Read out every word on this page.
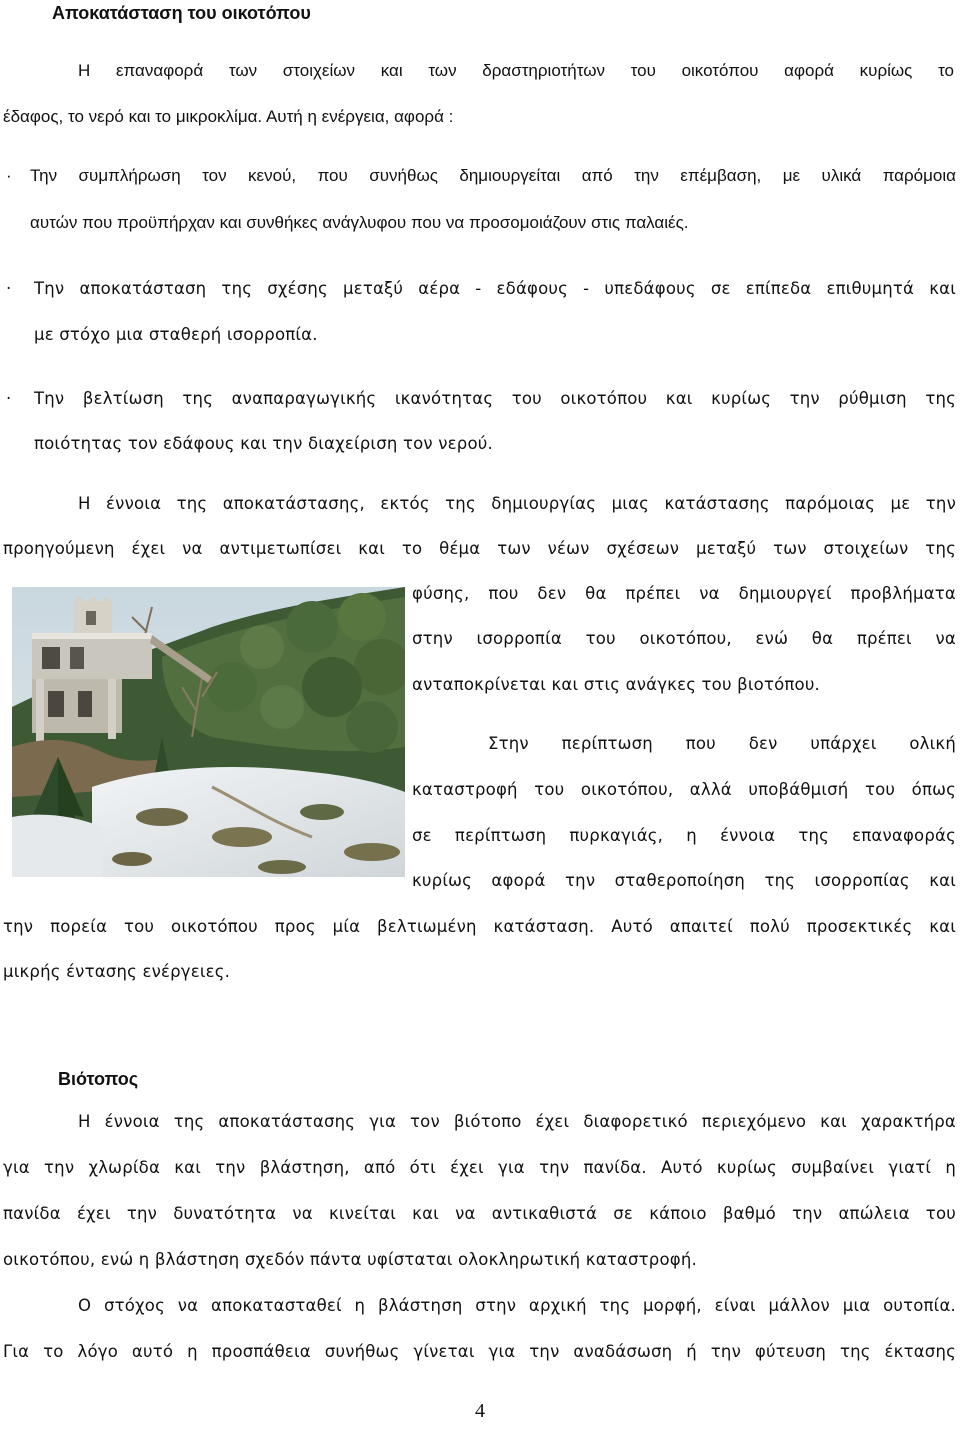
Αποκατάσταση του οικοτόπου
Η επαναφορά των στοιχείων και των δραστηριοτήτων του οικοτόπου αφορά κυρίως το
έδαφος, το νερό και το μικροκλίμα. Αυτή η ενέργεια, αφορά :
· Την συμπλήρωση τον κενού, που συνήθως δημιουργείται από την επέμβαση, με υλικά παρόμοια
αυτών που προϋπήρχαν και συνθήκες ανάγλυφου που να προσομοιάζουν στις παλαιές.
· Την αποκατάσταση της σχέσης μεταξύ αέρα - εδάφους - υπεδάφους σε επίπεδα επιθυμητά και
με στόχο μια σταθερή ισορροπία.
· Την βελτίωση της αναπαραγωγικής ικανότητας του οικοτόπου και κυρίως την ρύθμιση της
ποιότητας τον εδάφους και την διαχείριση τον νερού.
Η έννοια της αποκατάστασης, εκτός της δημιουργίας μιας κατάστασης παρόμοιας με την
προηγούμενη έχει να αντιμετωπίσει και το θέμα των νέων σχέσεων μεταξύ των στοιχείων της
φύσης, που δεν θα πρέπει να δημιουργεί προβλήματα
στην ισορροπία του οικοτόπου, ενώ θα πρέπει να
ανταποκρίνεται και στις ανάγκες του βιοτόπου.
Στην περίπτωση που δεν υπάρχει ολική
καταστροφή του οικοτόπου, αλλά υποβάθμισή του όπως
σε περίπτωση πυρκαγιάς, η έννοια της επαναφοράς
κυρίως αφορά την σταθεροποίηση της ισορροπίας και
την πορεία του οικοτόπου προς μία βελτιωμένη κατάσταση. Αυτό απαιτεί πολύ προσεκτικές και
μικρής έντασης ενέργειες.
Βιότοπος
Η έννοια της αποκατάστασης για τον βιότοπο έχει διαφορετικό περιεχόμενο και χαρακτήρα
για την χλωρίδα και την βλάστηση, από ότι έχει για την πανίδα. Αυτό κυρίως συμβαίνει γιατί η
πανίδα έχει την δυνατότητα να κινείται και να αντικαθιστά σε κάποιο βαθμό την απώλεια του
οικοτόπου, ενώ η βλάστηση σχεδόν πάντα υφίσταται ολοκληρωτική καταστροφή.
Ο στόχος να αποκατασταθεί η βλάστηση στην αρχική της μορφή, είναι μάλλον μια ουτοπία.
Για το λόγο αυτό η προσπάθεια συνήθως γίνεται για την αναδάσωση ή την φύτευση της έκτασης
4
